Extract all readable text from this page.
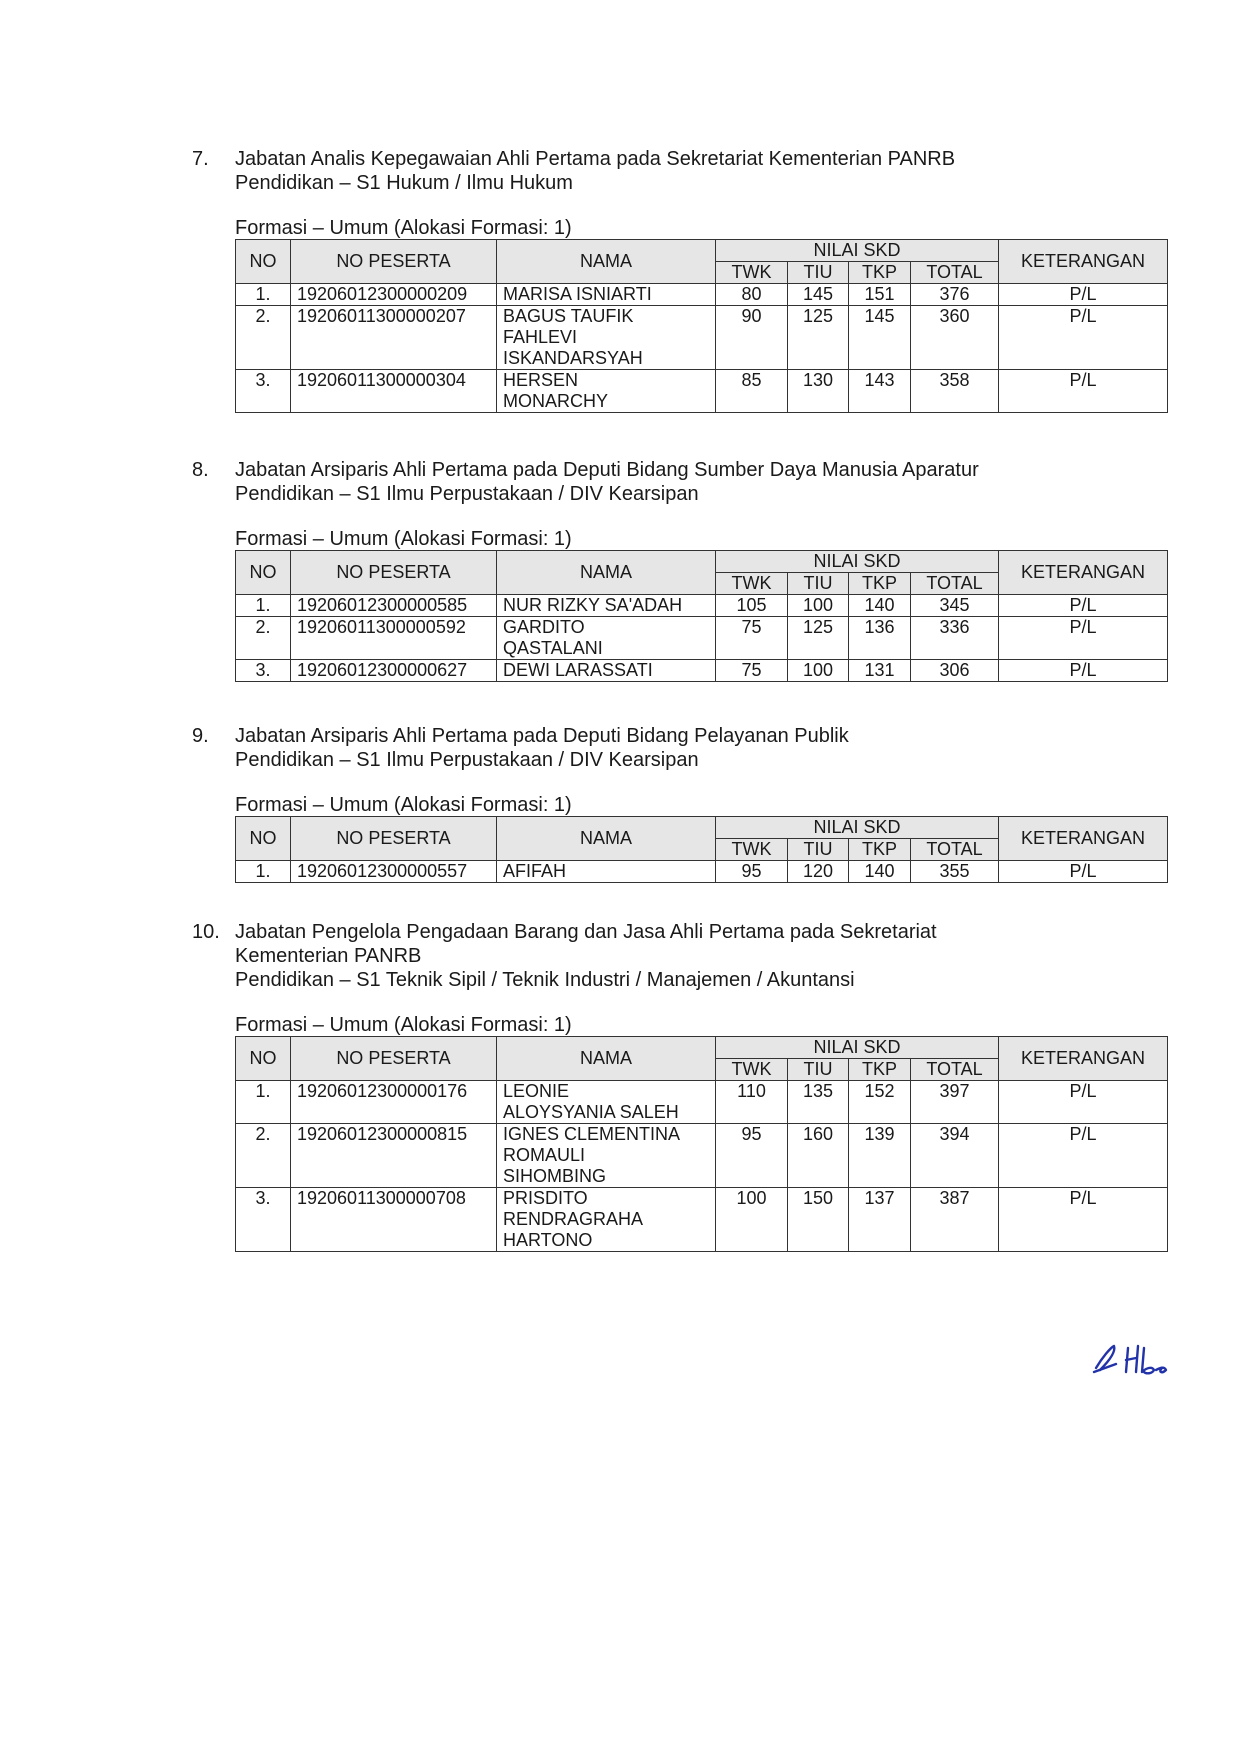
7. Jabatan Analis Kepegawaian Ahli Pertama pada Sekretariat Kementerian PANRB
Pendidikan – S1 Hukum / Ilmu Hukum
Formasi – Umum (Alokasi Formasi: 1)
NO	NO PESERTA	NAMA	NILAI SKD				KETERANGAN
			TWK	TIU	TKP	TOTAL	
1.	19206012300000209	MARISA ISNIARTI	80	145	151	376	P/L
2.	19206011300000207	BAGUS TAUFIK
FAHLEVI
ISKANDARSYAH	90	125	145	360	P/L
3.	19206011300000304	HERSEN
MONARCHY	85	130	143	358	P/L
8. Jabatan Arsiparis Ahli Pertama pada Deputi Bidang Sumber Daya Manusia Aparatur
Pendidikan – S1 Ilmu Perpustakaan / DIV Kearsipan
Formasi – Umum (Alokasi Formasi: 1)
NO	NO PESERTA	NAMA	NILAI SKD				KETERANGAN
			TWK	TIU	TKP	TOTAL	
1.	19206012300000585	NUR RIZKY SA'ADAH	105	100	140	345	P/L
2.	19206011300000592	GARDITO
QASTALANI	75	125	136	336	P/L
3.	19206012300000627	DEWI LARASSATI	75	100	131	306	P/L
9. Jabatan Arsiparis Ahli Pertama pada Deputi Bidang Pelayanan Publik
Pendidikan – S1 Ilmu Perpustakaan / DIV Kearsipan
Formasi – Umum (Alokasi Formasi: 1)
NO	NO PESERTA	NAMA	NILAI SKD				KETERANGAN
			TWK	TIU	TKP	TOTAL	
1.	19206012300000557	AFIFAH	95	120	140	355	P/L
10. Jabatan Pengelola Pengadaan Barang dan Jasa Ahli Pertama pada Sekretariat
Kementerian PANRB
Pendidikan – S1 Teknik Sipil / Teknik Industri / Manajemen / Akuntansi
Formasi – Umum (Alokasi Formasi: 1)
NO	NO PESERTA	NAMA	NILAI SKD				KETERANGAN
			TWK	TIU	TKP	TOTAL	
1.	19206012300000176	LEONIE
ALOYSYANIA SALEH	110	135	152	397	P/L
2.	19206012300000815	IGNES CLEMENTINA
ROMAULI
SIHOMBING	95	160	139	394	P/L
3.	19206011300000708	PRISDITO
RENDRAGRAHA
HARTONO	100	150	137	387	P/L
